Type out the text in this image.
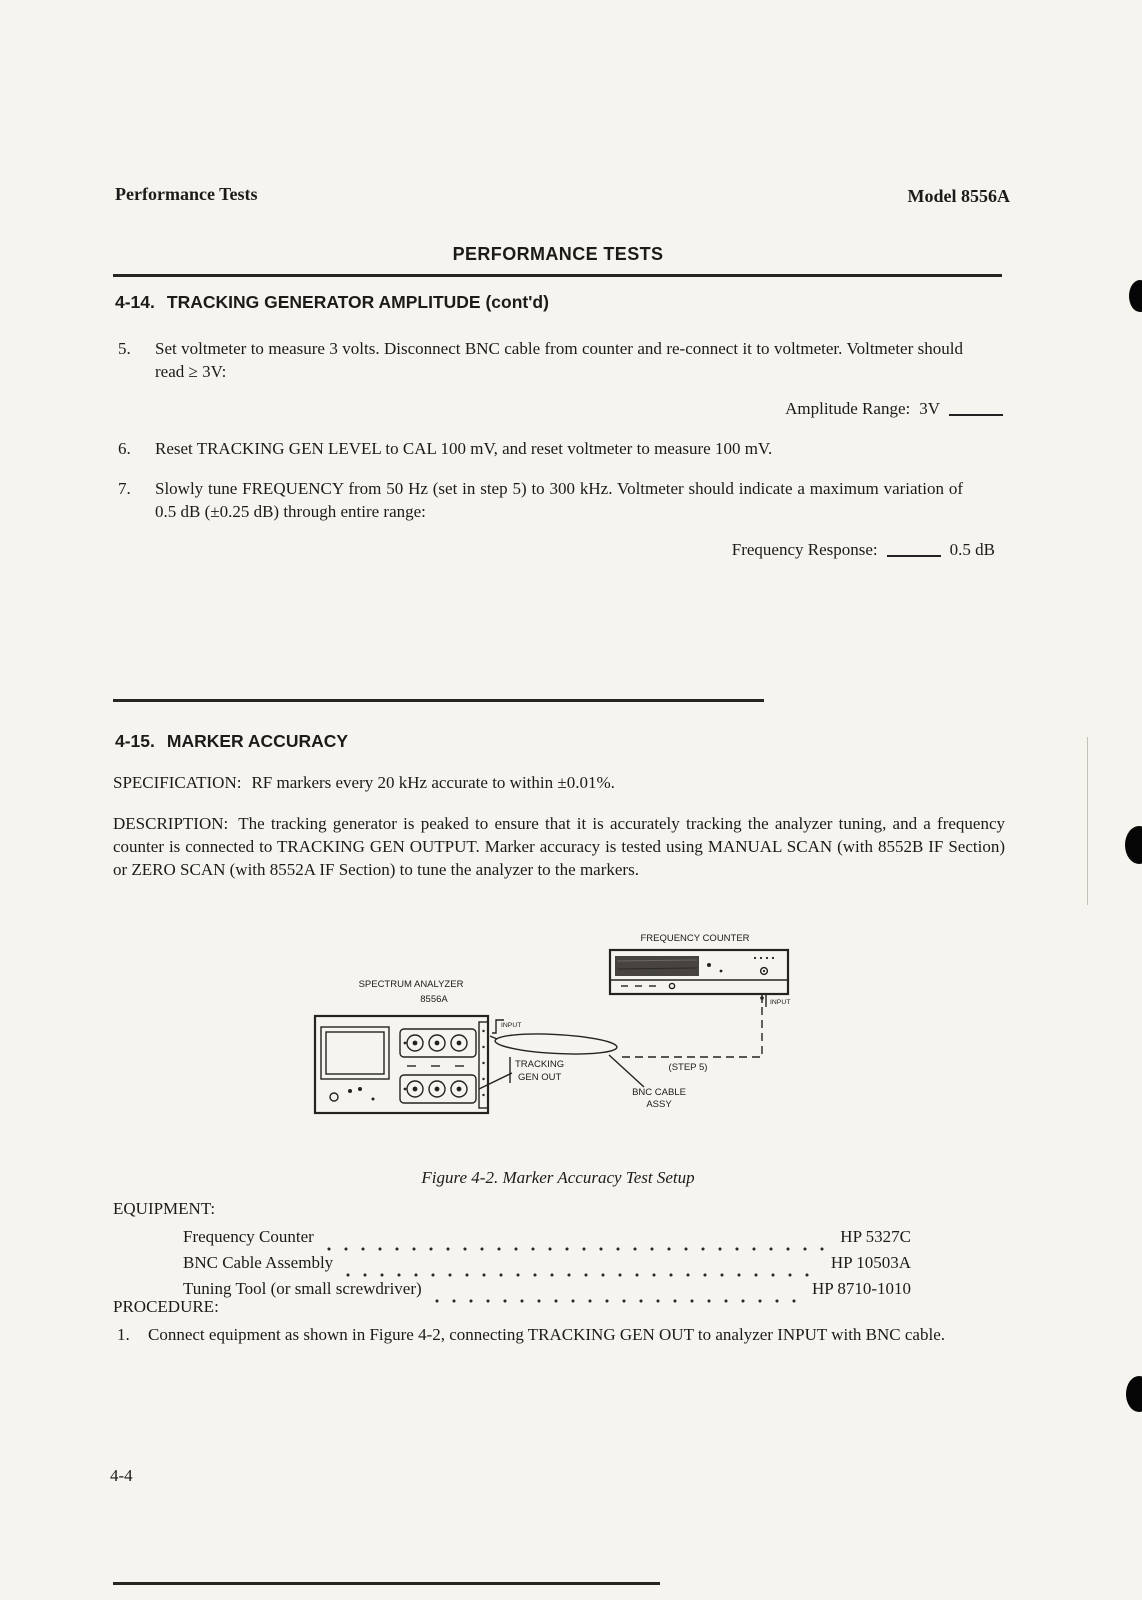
Performance Tests	Model 8556A
PERFORMANCE TESTS
4-14. TRACKING GENERATOR AMPLITUDE (cont'd)
5.	Set voltmeter to measure 3 volts. Disconnect BNC cable from counter and re-connect it to voltmeter. Voltmeter should read ≥ 3V:
Amplitude Range: 3V
6.	Reset TRACKING GEN LEVEL to CAL 100 mV, and reset voltmeter to measure 100 mV.
7.	Slowly tune FREQUENCY from 50 Hz (set in step 5) to 300 kHz. Voltmeter should indicate a maximum variation of 0.5 dB (±0.25 dB) through entire range:
Frequency Response:	0.5 dB
4-15. MARKER ACCURACY
SPECIFICATION: RF markers every 20 kHz accurate to within ±0.01%.
DESCRIPTION: The tracking generator is peaked to ensure that it is accurately tracking the analyzer tuning, and a frequency counter is connected to TRACKING GEN OUTPUT. Marker accuracy is tested using MANUAL SCAN (with 8552B IF Section) or ZERO SCAN (with 8552A IF Section) to tune the analyzer to the markers.
FREQUENCY COUNTER
INPUT
(STEP 5)
BNC CABLE
ASSY
SPECTRUM ANALYZER
8556A
INPUT
TRACKING
GEN OUT
Figure 4-2. Marker Accuracy Test Setup
EQUIPMENT:
Frequency Counter	HP 5327C
BNC Cable Assembly	HP 10503A
Tuning Tool (or small screwdriver)	HP 8710-1010
PROCEDURE:
1.	Connect equipment as shown in Figure 4-2, connecting TRACKING GEN OUT to analyzer INPUT with BNC cable.
4-4
